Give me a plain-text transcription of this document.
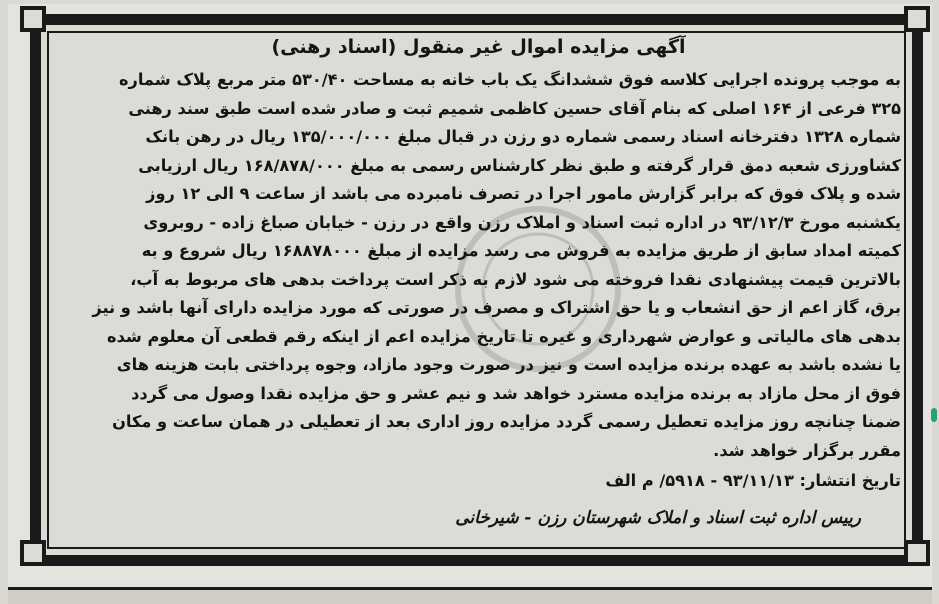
آگهی مزایده اموال غیر منقول (اسناد رهنی)
به موجب پرونده اجرایی کلاسه فوق ششدانگ یک باب خانه به مساحت ۵۳۰/۴۰ متر مربع پلاک شماره
۳۲۵ فرعی از ۱۶۴ اصلی که بنام آقای حسین کاظمی شمیم ثبت و صادر شده است طبق سند رهنی
شماره ۱۳۲۸ دفترخانه اسناد رسمی شماره دو رزن در قبال مبلغ ۱۳۵/۰۰۰/۰۰۰ ریال در رهن بانک
کشاورزی شعبه دمق قرار گرفته و طبق نظر کارشناس رسمی به مبلغ ۱۶۸/۸۷۸/۰۰۰ ریال ارزیابی
شده و پلاک فوق که برابر گزارش مامور اجرا در تصرف نامبرده می باشد از ساعت ۹ الی ۱۲ روز
یکشنبه مورخ ۹۳/۱۲/۳ در اداره ثبت اسناد و املاک رزن واقع در رزن - خیابان صباغ زاده - روبروی
کمیته امداد سابق از طریق مزایده به فروش می رسد مزایده از مبلغ ۱۶۸۸۷۸۰۰۰ ریال شروع و به
بالاترین قیمت پیشنهادی نقدا فروخته می شود لازم به ذکر است پرداخت بدهی های مربوط به آب،
برق، گاز اعم از حق انشعاب و یا حق اشتراک و مصرف در صورتی که مورد مزایده دارای آنها باشد و نیز
بدهی های مالیاتی و عوارض شهرداری و غیره تا تاریخ مزایده اعم از اینکه رقم قطعی آن معلوم شده
یا نشده باشد به عهده برنده مزایده است و نیز در صورت وجود مازاد، وجوه پرداختی بابت هزینه های
فوق از محل مازاد به برنده مزایده مسترد خواهد شد و نیم عشر و حق مزایده نقدا وصول می گردد
ضمنا چنانچه روز مزایده تعطیل رسمی گردد مزایده روز اداری بعد از تعطیلی در همان ساعت و مکان
مقرر برگزار خواهد شد.
تاریخ انتشار: ۹۳/۱۱/۱۳ - ۵۹۱۸/ م الف
رییس اداره ثبت اسناد و املاک شهرستان رزن - شیرخانی
